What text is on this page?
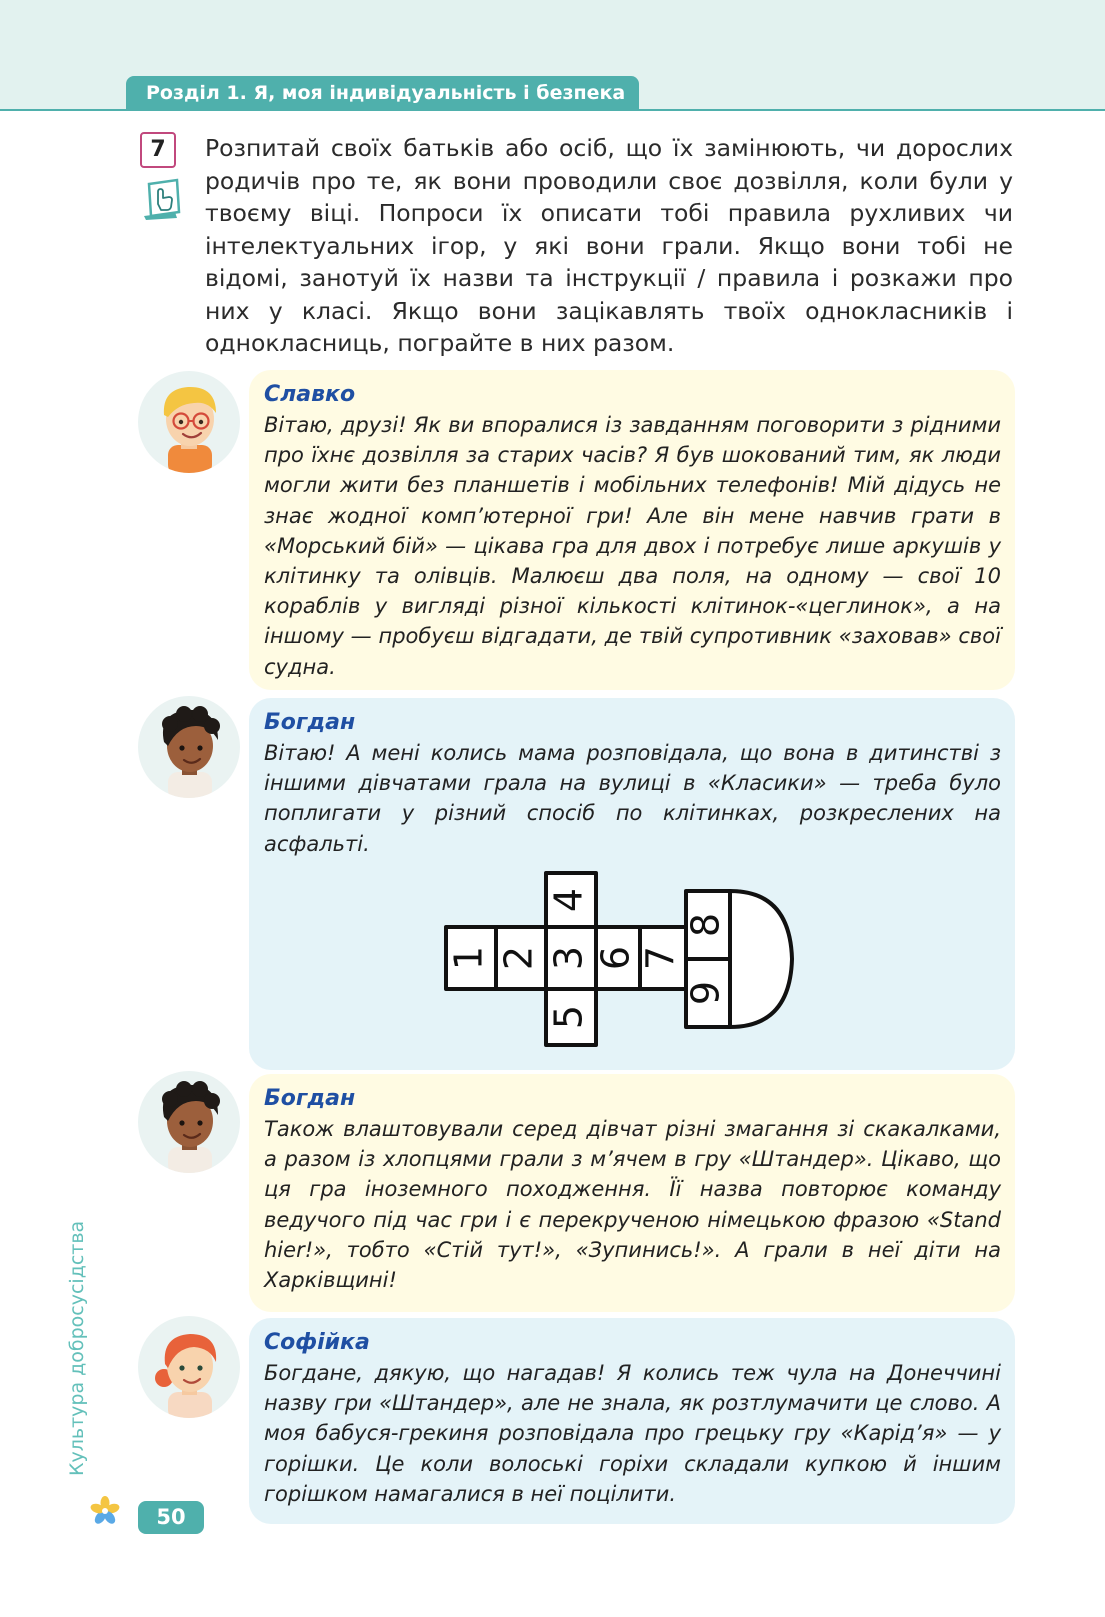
Розділ 1. Я, моя індивідуальність і безпека
7	Розпитай своїх батьків або осіб, що їх замінюють, чи дорослих родичів про те, як вони проводили своє дозвілля, коли були у твоєму віці. Попроси їх описати тобі правила рухливих чи інтелектуальних ігор, у які вони грали. Якщо вони тобі не відомі, занотуй їх назви та інструкції / правила і розкажи про них у класі. Якщо вони зацікавлять твоїх однокласників і однокласниць, пограйте в них разом.
Славко
Вітаю, друзі! Як ви впоралися із завданням поговорити з рідними про їхнє дозвілля за старих часів? Я був шокований тим, як люди могли жити без планшетів і мобільних телефонів! Мій дідусь не знає жодної комп’ютерної гри! Але він мене навчив грати в «Морський бій» — цікава гра для двох і потребує лише аркушів у клітинку та олівців. Малюєш два поля, на одному — свої 10 кораблів у вигляді різної кількості клітинок-«цеглинок», а на іншому — пробуєш відгадати, де твій супротивник «заховав» свої судна.
Богдан
Вітаю! А мені колись мама розповідала, що вона в дитинстві з іншими дівчатами грала на вулиці в «Класики» — треба було поплигати у різний спосіб по клітинках, розкреслених на асфальті.
1 2 3
4
5
6 7
8
9
Богдан
Також влаштовували серед дівчат різні змагання зі скакалками, а разом із хлопцями грали з м’ячем в гру «Штандер». Цікаво, що ця гра іноземного походження. Її назва повторює команду ведучого під час гри і є перекрученою німецькою фразою «Stand hier!», тобто «Стій тут!», «Зупинись!». А грали в неї діти на Харківщині!
Софійка
Богдане, дякую, що нагадав! Я колись теж чула на Донеччині назву гри «Штандер», але не знала, як розтлумачити це слово. А моя бабуся-грекиня розповідала про грецьку гру «Карід’я» — у горішки. Це коли волоські горіхи складали купкою й іншим горішком намагалися в неї поцілити.
Культура добросусідства
50
